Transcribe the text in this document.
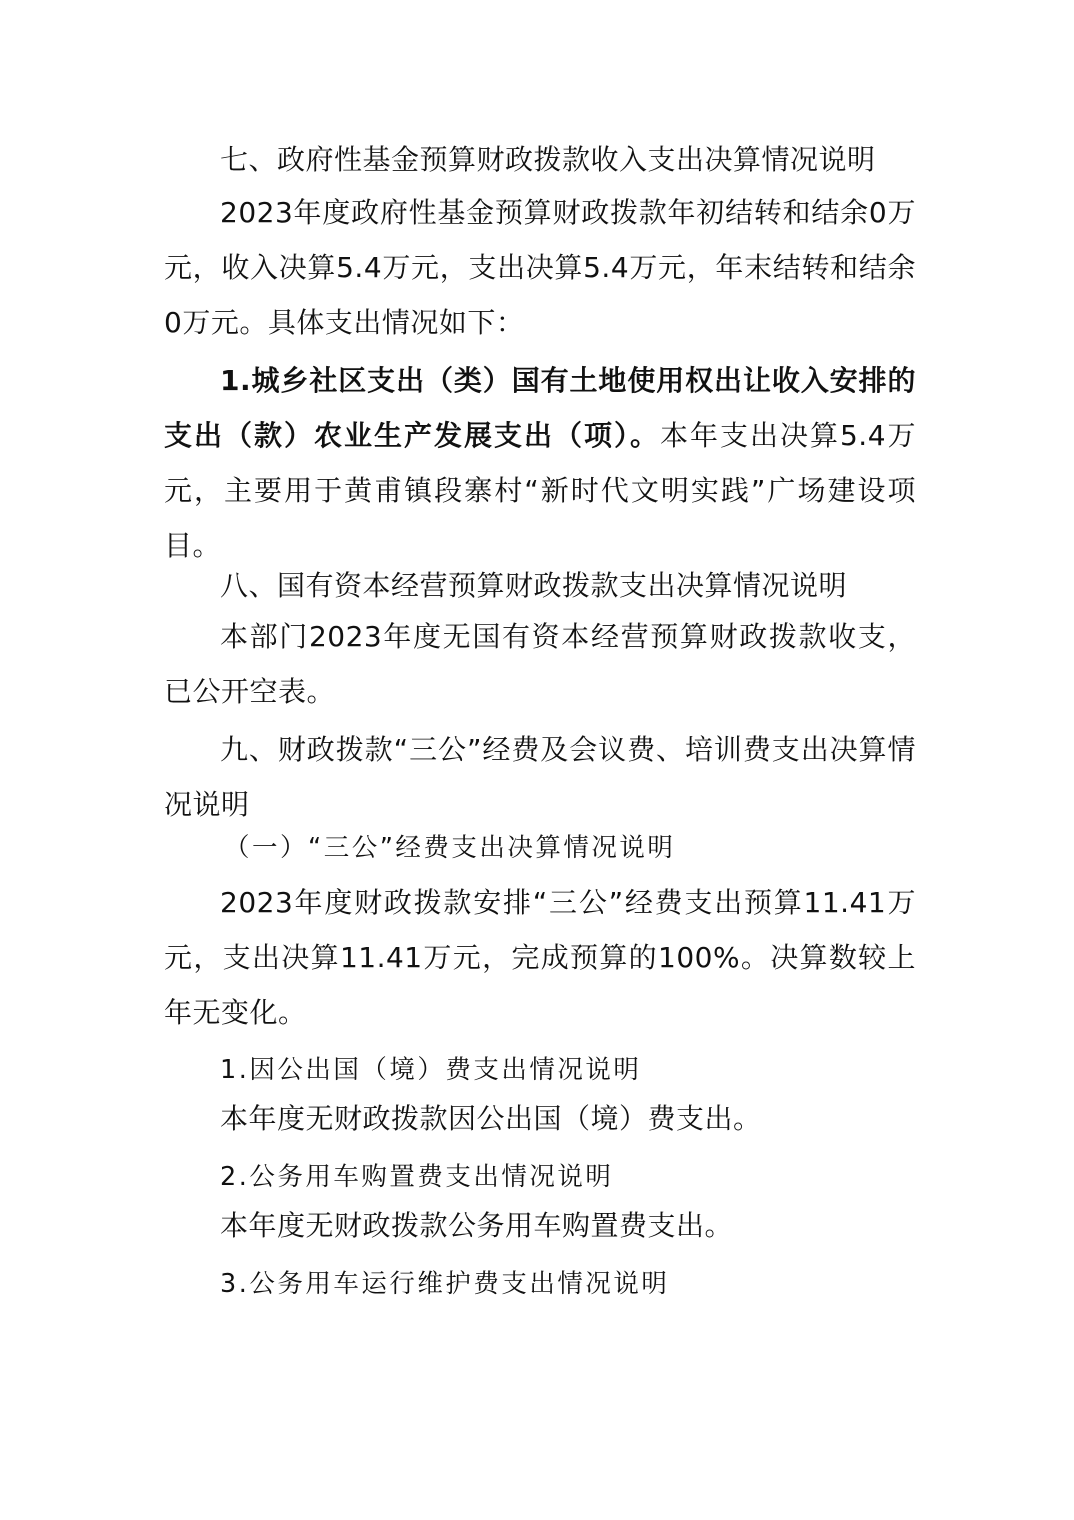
七、政府性基金预算财政拨款收入支出决算情况说明

2023年度政府性基金预算财政拨款年初结转和结余0万元，收入决算5.4万元，支出决算5.4万元，年末结转和结余0万元。具体支出情况如下：

1.城乡社区支出（类）国有土地使用权出让收入安排的支出（款）农业生产发展支出（项）。本年支出决算5.4万元，主要用于黄甫镇段寨村“新时代文明实践”广场建设项目。

八、国有资本经营预算财政拨款支出决算情况说明

本部门2023年度无国有资本经营预算财政拨款收支，已公开空表。

九、财政拨款“三公”经费及会议费、培训费支出决算情况说明

（一）“三公”经费支出决算情况说明

2023年度财政拨款安排“三公”经费支出预算11.41万元，支出决算11.41万元，完成预算的100%。决算数较上年无变化。

1.因公出国（境）费支出情况说明

本年度无财政拨款因公出国（境）费支出。

2.公务用车购置费支出情况说明

本年度无财政拨款公务用车购置费支出。

3.公务用车运行维护费支出情况说明
